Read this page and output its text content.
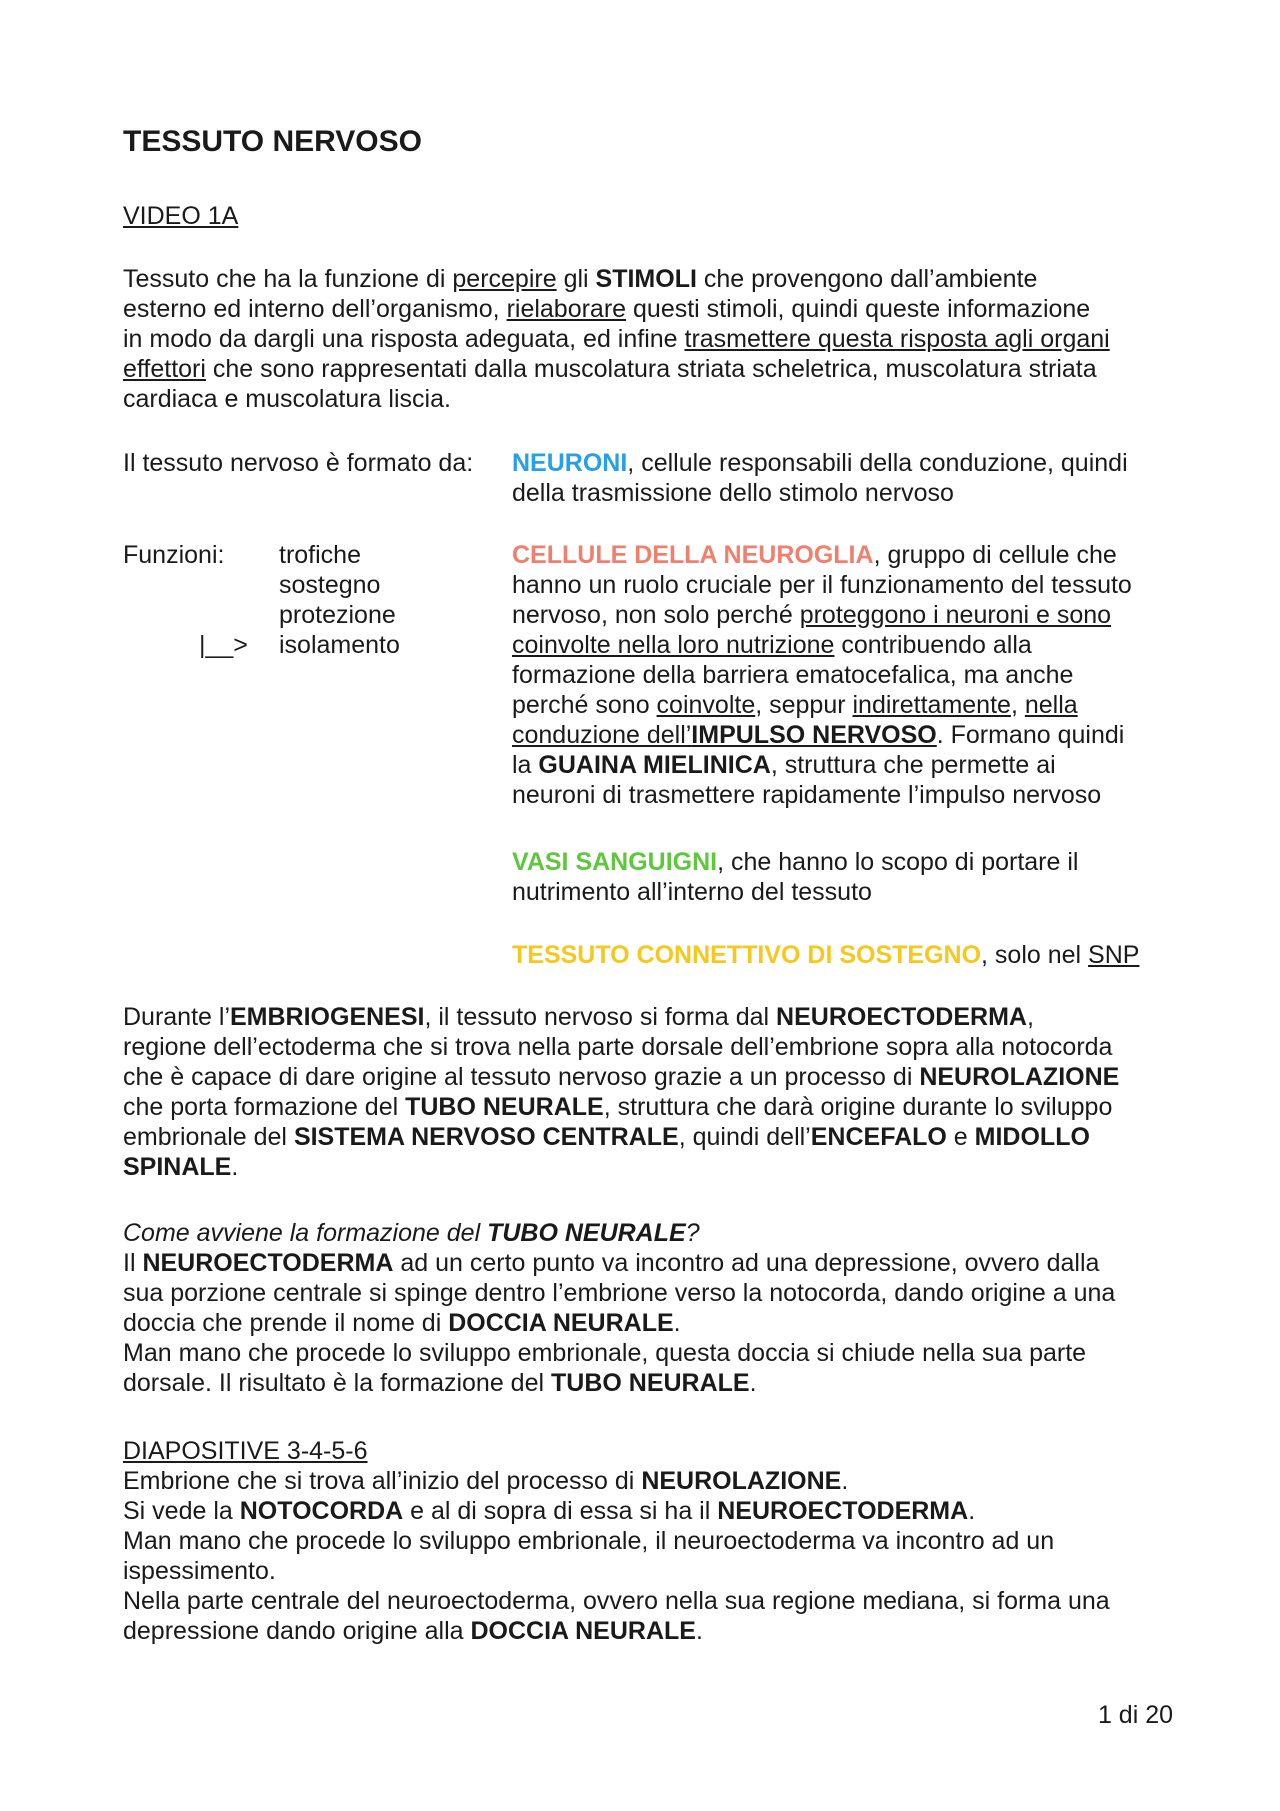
TESSUTO NERVOSO
VIDEO 1A
Tessuto che ha la funzione di percepire gli STIMOLI che provengono dall’ambiente
esterno ed interno dell’organismo, rielaborare questi stimoli, quindi queste informazione
in modo da dargli una risposta adeguata, ed infine trasmettere questa risposta agli organi
effettori che sono rappresentati dalla muscolatura striata scheletrica, muscolatura striata
cardiaca e muscolatura liscia.
Il tessuto nervoso è formato da: NEURONI, cellule responsabili della conduzione, quindi
della trasmissione dello stimolo nervoso
Funzioni: trofiche
sostegno
protezione
isolamento
|__>
CELLULE DELLA NEUROGLIA, gruppo di cellule che
hanno un ruolo cruciale per il funzionamento del tessuto
nervoso, non solo perché proteggono i neuroni e sono
coinvolte nella loro nutrizione contribuendo alla
formazione della barriera ematocefalica, ma anche
perché sono coinvolte, seppur indirettamente, nella
conduzione dell’IMPULSO NERVOSO. Formano quindi
la GUAINA MIELINICA, struttura che permette ai
neuroni di trasmettere rapidamente l’impulso nervoso
VASI SANGUIGNI, che hanno lo scopo di portare il
nutrimento all’interno del tessuto
TESSUTO CONNETTIVO DI SOSTEGNO, solo nel SNP
Durante l’EMBRIOGENESI, il tessuto nervoso si forma dal NEUROECTODERMA,
regione dell’ectoderma che si trova nella parte dorsale dell’embrione sopra alla notocorda
che è capace di dare origine al tessuto nervoso grazie a un processo di NEUROLAZIONE
che porta formazione del TUBO NEURALE, struttura che darà origine durante lo sviluppo
embrionale del SISTEMA NERVOSO CENTRALE, quindi dell’ENCEFALO e MIDOLLO
SPINALE.
Come avviene la formazione del TUBO NEURALE?
Il NEUROECTODERMA ad un certo punto va incontro ad una depressione, ovvero dalla
sua porzione centrale si spinge dentro l’embrione verso la notocorda, dando origine a una
doccia che prende il nome di DOCCIA NEURALE.
Man mano che procede lo sviluppo embrionale, questa doccia si chiude nella sua parte
dorsale. Il risultato è la formazione del TUBO NEURALE.
DIAPOSITIVE 3-4-5-6
Embrione che si trova all’inizio del processo di NEUROLAZIONE.
Si vede la NOTOCORDA e al di sopra di essa si ha il NEUROECTODERMA.
Man mano che procede lo sviluppo embrionale, il neuroectoderma va incontro ad un
ispessimento.
Nella parte centrale del neuroectoderma, ovvero nella sua regione mediana, si forma una
depressione dando origine alla DOCCIA NEURALE.
1 di 20
